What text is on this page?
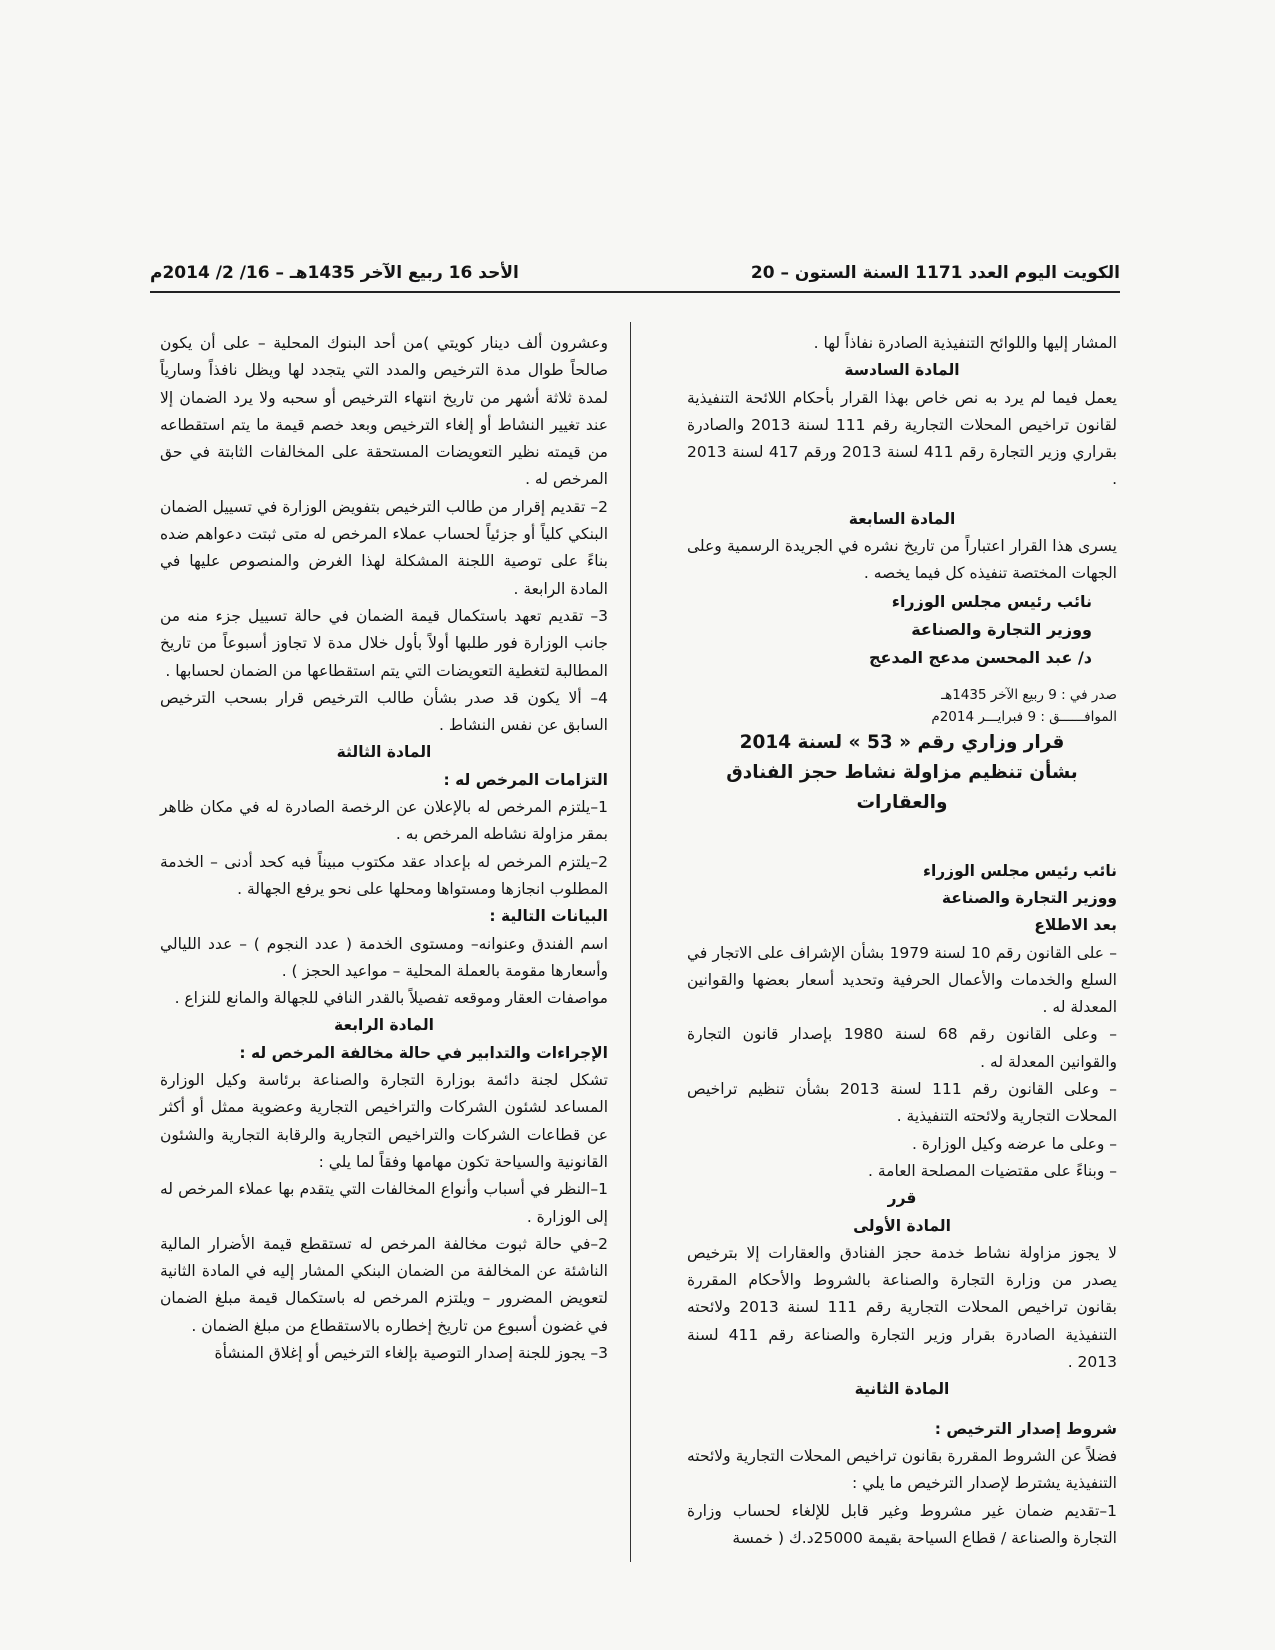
الكويت اليوم العدد 1171 السنة الستون – 20
الأحد 16 ربيع الآخر 1435هـ – 16/ 2/ 2014م

المشار إليها واللوائح التنفيذية الصادرة نفاذاً لها .

المادة السادسة

يعمل فيما لم يرد به نص خاص بهذا القرار بأحكام اللائحة التنفيذية لقانون تراخيص المحلات التجارية رقم 111 لسنة 2013 والصادرة بقراري وزير التجارة رقم 411 لسنة 2013 ورقم 417 لسنة 2013 .

المادة السابعة

يسرى هذا القرار اعتباراً من تاريخ نشره في الجريدة الرسمية وعلى الجهات المختصة تنفيذه كل فيما يخصه .

نائب رئيس مجلس الوزراء

ووزير التجارة والصناعة

د/ عبد المحسن مدعج المدعج

صدر في : 9 ربيع الآخر 1435هـ

الموافــــــق : 9 فبرايـــر 2014م

قرار وزاري رقم « 53 » لسنة 2014

بشأن تنظيم مزاولة نشاط حجز الفنادق والعقارات

نائب رئيس مجلس الوزراء

ووزير التجارة والصناعة

بعد الاطلاع

– على القانون رقم 10 لسنة 1979 بشأن الإشراف على الاتجار في السلع والخدمات والأعمال الحرفية وتحديد أسعار بعضها والقوانين المعدلة له .

– وعلى القانون رقم 68 لسنة 1980 بإصدار قانون التجارة والقوانين المعدلة له .

– وعلى القانون رقم 111 لسنة 2013 بشأن تنظيم تراخيص المحلات التجارية ولائحته التنفيذية .

– وعلى ما عرضه وكيل الوزارة .

– وبناءً على مقتضيات المصلحة العامة .

قرر

المادة الأولى

لا يجوز مزاولة نشاط خدمة حجز الفنادق والعقارات إلا بترخيص يصدر من وزارة التجارة والصناعة بالشروط والأحكام المقررة بقانون تراخيص المحلات التجارية رقم 111 لسنة 2013 ولائحته التنفيذية الصادرة بقرار وزير التجارة والصناعة رقم 411 لسنة 2013 .

المادة الثانية

شروط إصدار الترخيص :

فضلاً عن الشروط المقررة بقانون تراخيص المحلات التجارية ولائحته التنفيذية يشترط لإصدار الترخيص ما يلي :

1–تقديم ضمان غير مشروط وغير قابل للإلغاء لحساب وزارة التجارة والصناعة / قطاع السياحة بقيمة 25000د.ك ( خمسة

وعشرون ألف دينار كويتي )من أحد البنوك المحلية – على أن يكون صالحاً طوال مدة الترخيص والمدد التي يتجدد لها ويظل نافذاً وسارياً لمدة ثلاثة أشهر من تاريخ انتهاء الترخيص أو سحبه ولا يرد الضمان إلا عند تغيير النشاط أو إلغاء الترخيص وبعد خصم قيمة ما يتم استقطاعه من قيمته نظير التعويضات المستحقة على المخالفات الثابتة في حق المرخص له .

2– تقديم إقرار من طالب الترخيص بتفويض الوزارة في تسييل الضمان البنكي كلياً أو جزئياً لحساب عملاء المرخص له متى ثبتت دعواهم ضده بناءً على توصية اللجنة المشكلة لهذا الغرض والمنصوص عليها في المادة الرابعة .

3– تقديم تعهد باستكمال قيمة الضمان في حالة تسييل جزء منه من جانب الوزارة فور طلبها أولاً بأول خلال مدة لا تجاوز أسبوعاً من تاريخ المطالبة لتغطية التعويضات التي يتم استقطاعها من الضمان لحسابها .

4– ألا يكون قد صدر بشأن طالب الترخيص قرار بسحب الترخيص السابق عن نفس النشاط .

المادة الثالثة

التزامات المرخص له :

1–يلتزم المرخص له بالإعلان عن الرخصة الصادرة له في مكان ظاهر بمقر مزاولة نشاطه المرخص به .

2–يلتزم المرخص له بإعداد عقد مكتوب مبيناً فيه كحد أدنى – الخدمة المطلوب انجازها ومستواها ومحلها على نحو يرفع الجهالة .

البيانات التالية :

اسم الفندق وعنوانه– ومستوى الخدمة ( عدد النجوم ) – عدد الليالي وأسعارها مقومة بالعملة المحلية – مواعيد الحجز ) .

مواصفات العقار وموقعه تفصيلاً بالقدر النافي للجهالة والمانع للنزاع .

المادة الرابعة

الإجراءات والتدابير في حالة مخالفة المرخص له :

تشكل لجنة دائمة بوزارة التجارة والصناعة برئاسة وكيل الوزارة المساعد لشئون الشركات والتراخيص التجارية وعضوية ممثل أو أكثر عن قطاعات الشركات والتراخيص التجارية والرقابة التجارية والشئون القانونية والسياحة تكون مهامها وفقاً لما يلي :

1–النظر في أسباب وأنواع المخالفات التي يتقدم بها عملاء المرخص له إلى الوزارة .

2–في حالة ثبوت مخالفة المرخص له تستقطع قيمة الأضرار المالية الناشئة عن المخالفة من الضمان البنكي المشار إليه في المادة الثانية لتعويض المضرور – ويلتزم المرخص له باستكمال قيمة مبلغ الضمان في غضون أسبوع من تاريخ إخطاره بالاستقطاع من مبلغ الضمان .

3– يجوز للجنة إصدار التوصية بإلغاء الترخيص أو إغلاق المنشأة
